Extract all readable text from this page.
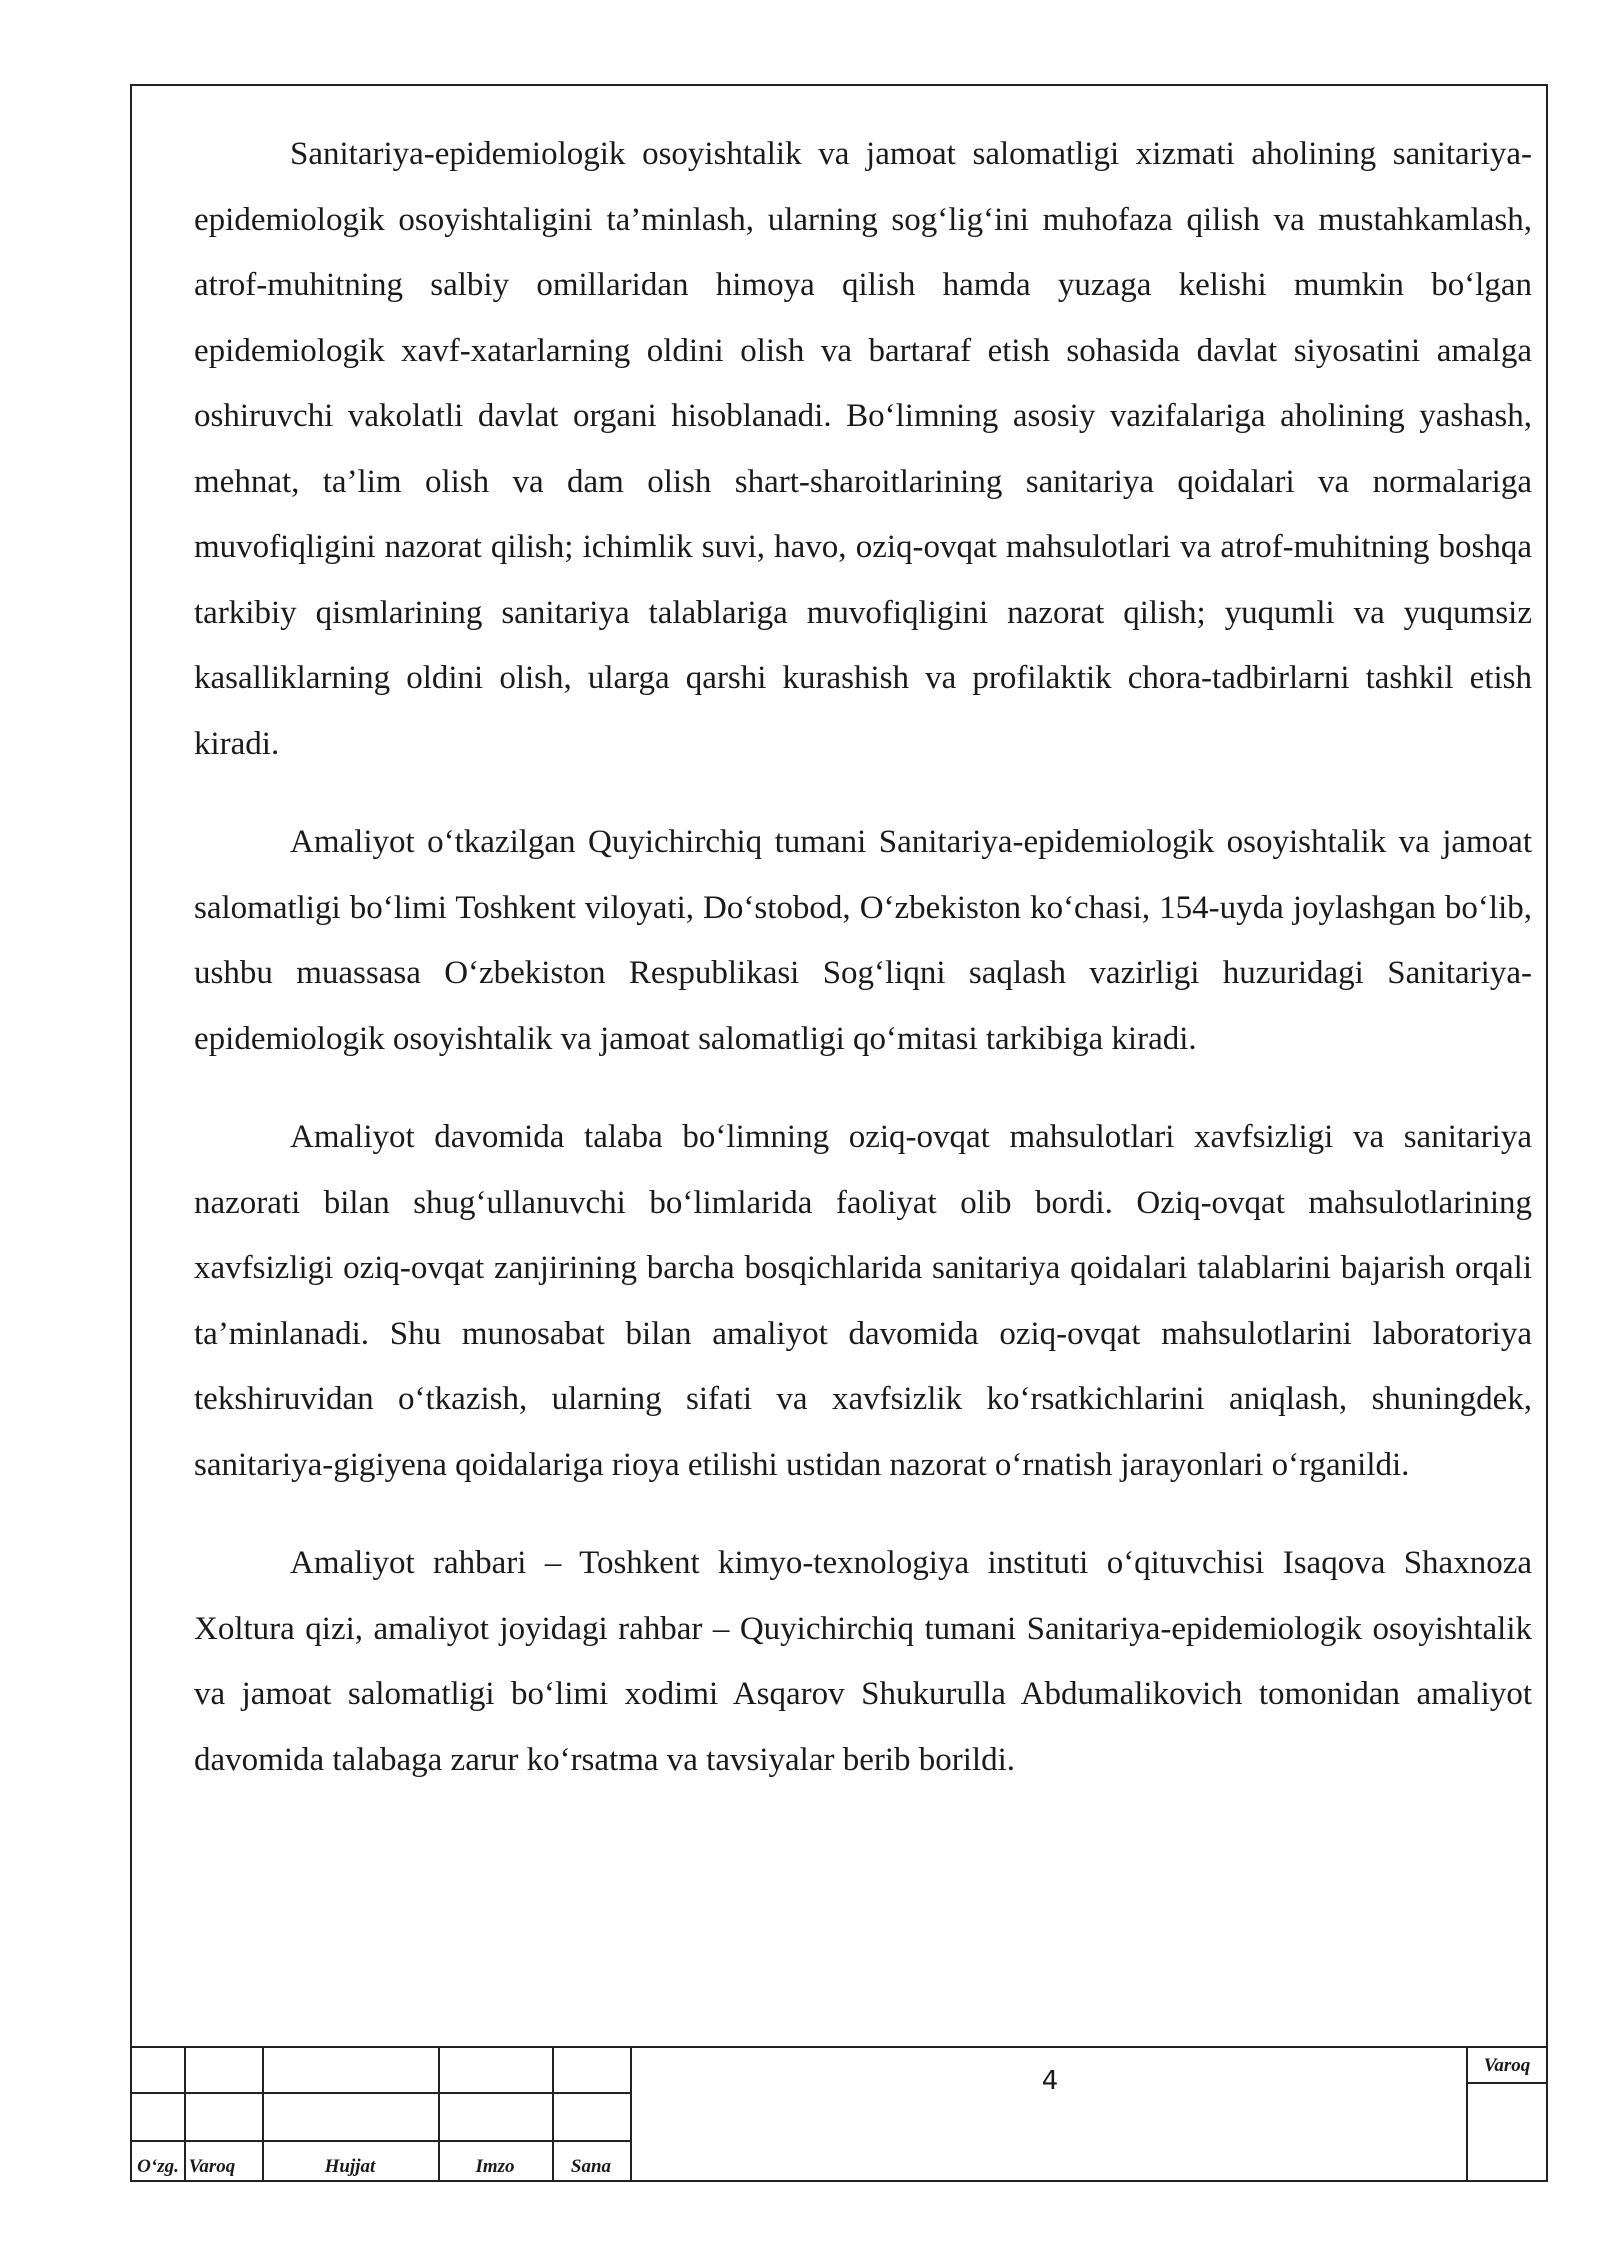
Sanitariya-epidemiologik osoyishtalik va jamoat salomatligi xizmati aholining sanitariya-epidemiologik osoyishtaligini ta’minlash, ularning sog‘lig‘ini muhofaza qilish va mustahkamlash, atrof-muhitning salbiy omillaridan himoya qilish hamda yuzaga kelishi mumkin bo‘lgan epidemiologik xavf-xatarlarning oldini olish va bartaraf etish sohasida davlat siyosatini amalga oshiruvchi vakolatli davlat organi hisoblanadi. Bo‘limning asosiy vazifalariga aholining yashash, mehnat, ta’lim olish va dam olish shart-sharoitlarining sanitariya qoidalari va normalariga muvofiqligini nazorat qilish; ichimlik suvi, havo, oziq-ovqat mahsulotlari va atrof-muhitning boshqa tarkibiy qismlarining sanitariya talablariga muvofiqligini nazorat qilish; yuqumli va yuqumsiz kasalliklarning oldini olish, ularga qarshi kurashish va profilaktik chora-tadbirlarni tashkil etish kiradi.

Amaliyot o‘tkazilgan Quyichirchiq tumani Sanitariya-epidemiologik osoyishtalik va jamoat salomatligi bo‘limi Toshkent viloyati, Do‘stobod, O‘zbekiston ko‘chasi, 154-uyda joylashgan bo‘lib, ushbu muassasa O‘zbekiston Respublikasi Sog‘liqni saqlash vazirligi huzuridagi Sanitariya-epidemiologik osoyishtalik va jamoat salomatligi qo‘mitasi tarkibiga kiradi.

Amaliyot davomida talaba bo‘limning oziq-ovqat mahsulotlari xavfsizligi va sanitariya nazorati bilan shug‘ullanuvchi bo‘limlarida faoliyat olib bordi. Oziq-ovqat mahsulotlarining xavfsizligi oziq-ovqat zanjirining barcha bosqichlarida sanitariya qoidalari talablarini bajarish orqali ta’minlanadi. Shu munosabat bilan amaliyot davomida oziq-ovqat mahsulotlarini laboratoriya tekshiruvidan o‘tkazish, ularning sifati va xavfsizlik ko‘rsatkichlarini aniqlash, shuningdek, sanitariya-gigiyena qoidalariga rioya etilishi ustidan nazorat o‘rnatish jarayonlari o‘rganildi.

Amaliyot rahbari – Toshkent kimyo-texnologiya instituti o‘qituvchisi Isaqova Shaxnoza Xoltura qizi, amaliyot joyidagi rahbar – Quyichirchiq tumani Sanitariya-epidemiologik osoyishtalik va jamoat salomatligi bo‘limi xodimi Asqarov Shukurulla Abdumalikovich tomonidan amaliyot davomida talabaga zarur ko‘rsatma va tavsiyalar berib borildi.

O‘zg. Varoq	Hujjat	Imzo	Sana
4
Varoq
